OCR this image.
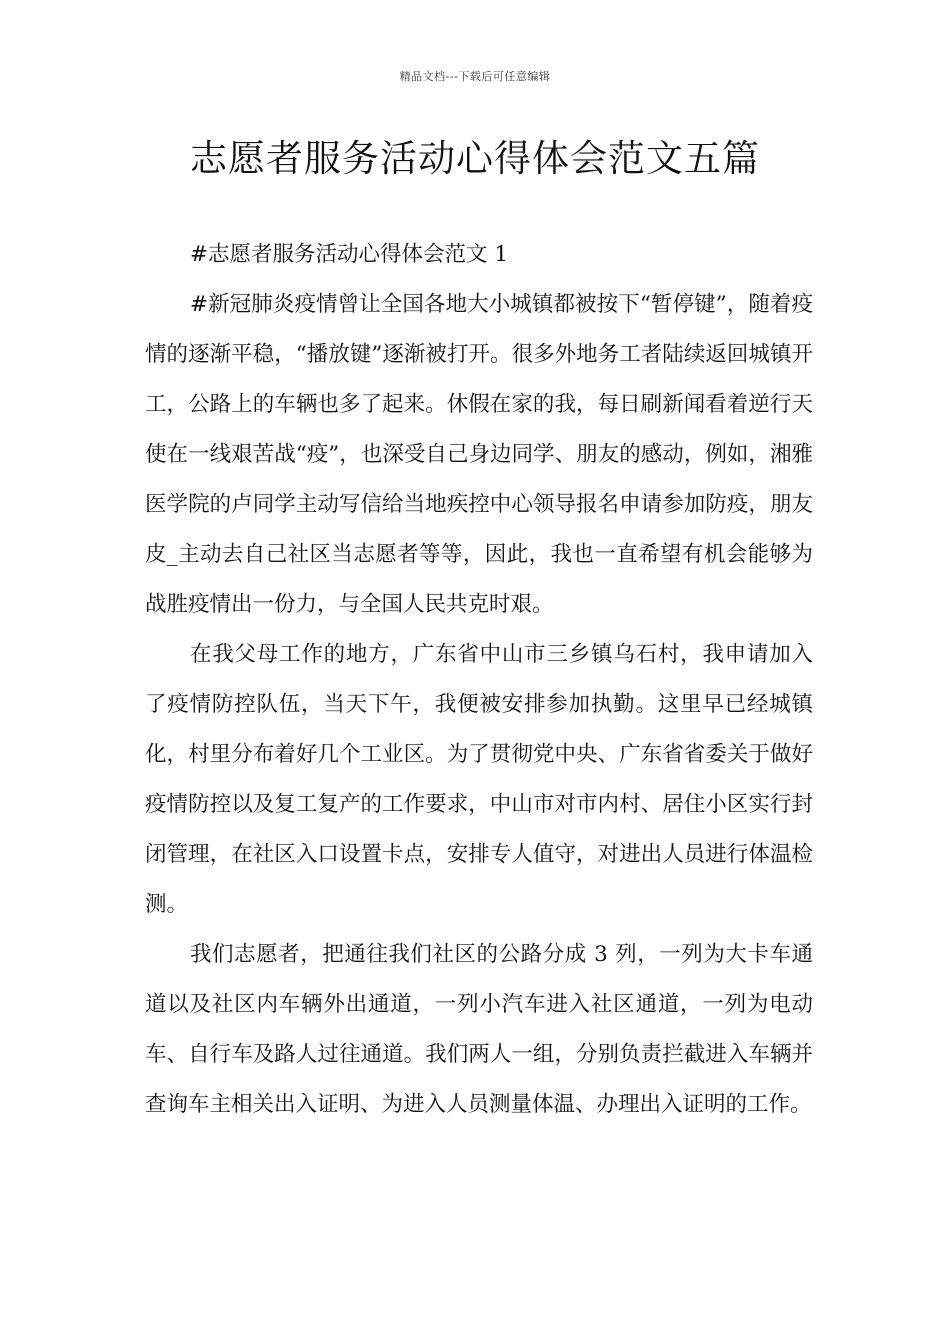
精品文档---下载后可任意编辑
志愿者服务活动心得体会范文五篇

#志愿者服务活动心得体会范文 1

#新冠肺炎疫情曾让全国各地大小城镇都被按下“暂停键”，随着疫情的逐渐平稳，“播放键”逐渐被打开。很多外地务工者陆续返回城镇开工，公路上的车辆也多了起来。休假在家的我，每日刷新闻看着逆行天使在一线艰苦战“疫”，也深受自己身边同学、朋友的感动，例如，湘雅医学院的卢同学主动写信给当地疾控中心领导报名申请参加防疫，朋友皮_主动去自己社区当志愿者等等，因此，我也一直希望有机会能够为战胜疫情出一份力，与全国人民共克时艰。

在我父母工作的地方，广东省中山市三乡镇乌石村，我申请加入了疫情防控队伍，当天下午，我便被安排参加执勤。这里早已经城镇化，村里分布着好几个工业区。为了贯彻党中央、广东省省委关于做好疫情防控以及复工复产的工作要求，中山市对市内村、居住小区实行封闭管理，在社区入口设置卡点，安排专人值守，对进出人员进行体温检测。

我们志愿者，把通往我们社区的公路分成 3 列，一列为大卡车通道以及社区内车辆外出通道，一列小汽车进入社区通道，一列为电动车、自行车及路人过往通道。我们两人一组，分别负责拦截进入车辆并查询车主相关出入证明、为进入人员测量体温、办理出入证明的工作。
